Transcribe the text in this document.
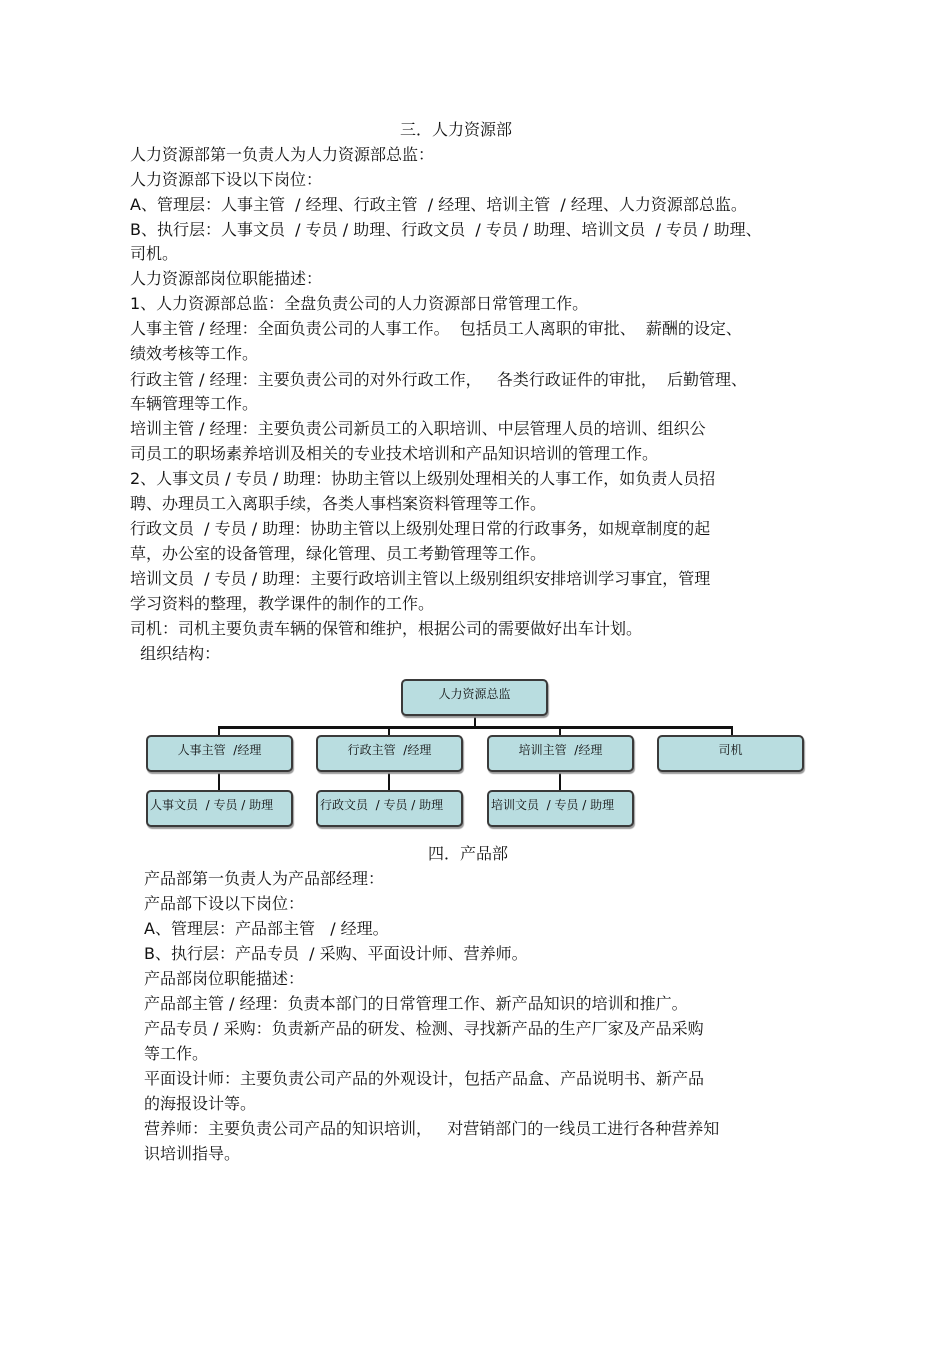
三．人力资源部
人力资源部第一负责人为人力资源部总监：
人力资源部下设以下岗位：
A、管理层：人事主管  / 经理、行政主管  / 经理、培训主管  / 经理、人力资源部总监。
B、执行层：人事文员  / 专员 / 助理、行政文员  / 专员 / 助理、培训文员  / 专员 / 助理、
司机。
人力资源部岗位职能描述：
1、人力资源部总监：全盘负责公司的人力资源部日常管理工作。
人事主管 / 经理：全面负责公司的人事工作。  包括员工人离职的审批、  薪酬的设定、
绩效考核等工作。
行政主管 / 经理：主要负责公司的对外行政工作，   各类行政证件的审批，  后勤管理、
车辆管理等工作。
培训主管 / 经理：主要负责公司新员工的入职培训、中层管理人员的培训、组织公
司员工的职场素养培训及相关的专业技术培训和产品知识培训的管理工作。
2、人事文员 / 专员 / 助理：协助主管以上级别处理相关的人事工作，如负责人员招
聘、办理员工入离职手续，各类人事档案资料管理等工作。
行政文员  / 专员 / 助理：协助主管以上级别处理日常的行政事务，如规章制度的起
草，办公室的设备管理，绿化管理、员工考勤管理等工作。
培训文员  / 专员 / 助理：主要行政培训主管以上级别组织安排培训学习事宜，管理
学习资料的整理，教学课件的制作的工作。
司机：司机主要负责车辆的保管和维护，根据公司的需要做好出车计划。
组织结构：
人力资源总监
人事主管  /经理	行政主管  /经理	培训主管  /经理	司机
人事文员  / 专员 / 助理	行政文员  / 专员 / 助理	培训文员  / 专员 / 助理
四．产品部
产品部第一负责人为产品部经理：
产品部下设以下岗位：
A、管理层：产品部主管   / 经理。
B、执行层：产品专员  / 采购、平面设计师、营养师。
产品部岗位职能描述：
产品部主管 / 经理：负责本部门的日常管理工作、新产品知识的培训和推广。
产品专员 / 采购：负责新产品的研发、检测、寻找新产品的生产厂家及产品采购
等工作。
平面设计师：主要负责公司产品的外观设计，包括产品盒、产品说明书、新产品
的海报设计等。
营养师：主要负责公司产品的知识培训，   对营销部门的一线员工进行各种营养知
识培训指导。
